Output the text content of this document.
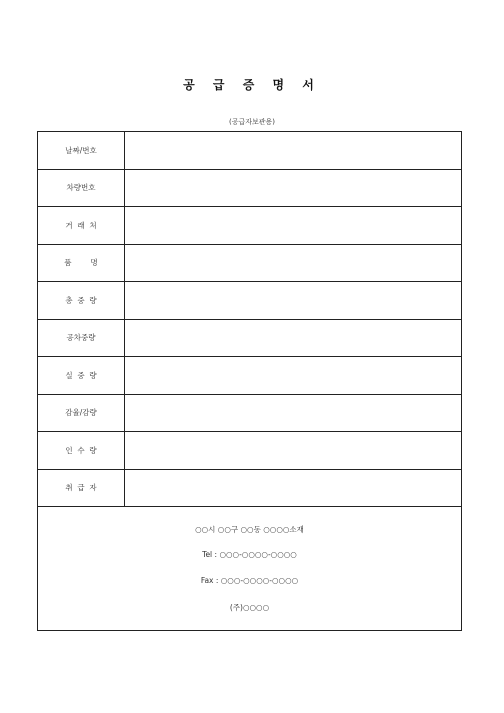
공 급 증 명 서
(공급자보관용)
날짜/번호
차량번호
거  래  처
품        명
총  중  량
공차중량
실  중  량
감율/감량
인  수  량
취  급  자
○○시 ○○구 ○○동 ○○○○소재
Tel : ○○○-○○○○-○○○○
Fax : ○○○-○○○○-○○○○
(주)○○○○
